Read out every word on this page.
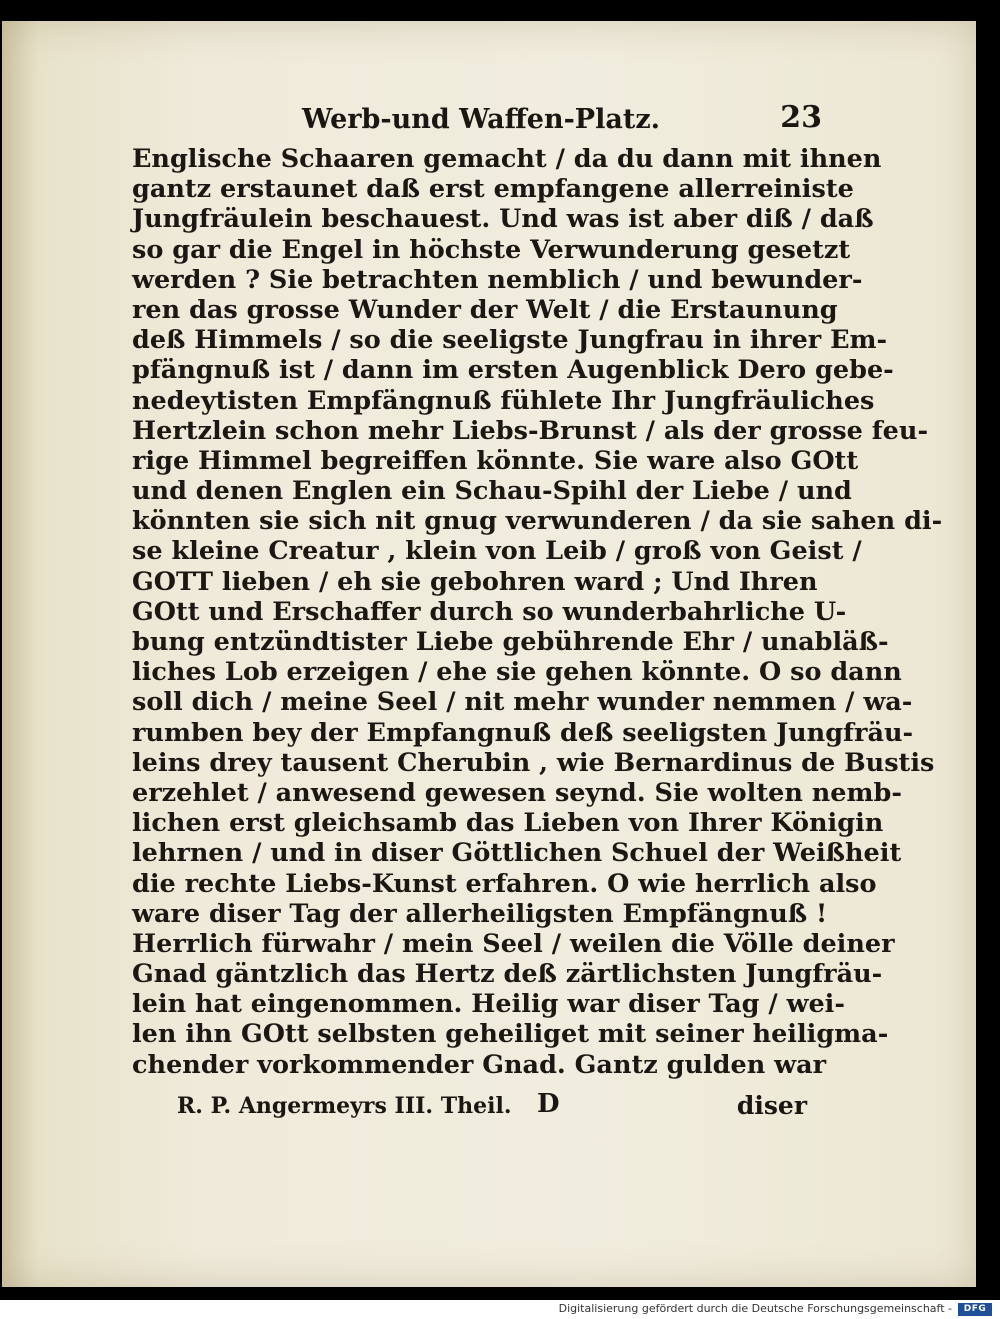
Werb-und Waffen-Platz.	23
Englische Schaaren gemacht / da du dann mit ihnen
gantz erstaunet daß erst empfangene allerreiniste
Jungfräulein beschauest. Und was ist aber diß / daß
so gar die Engel in höchste Verwunderung gesetzt
werden ? Sie betrachten nemblich / und bewunder-
ren das grosse Wunder der Welt / die Erstaunung
deß Himmels / so die seeligste Jungfrau in ihrer Em-
pfängnuß ist / dann im ersten Augenblick Dero gebe-
nedeytisten Empfängnuß fühlete Ihr Jungfräuliches
Hertzlein schon mehr Liebs-Brunst / als der grosse feu-
rige Himmel begreiffen könnte. Sie ware also GOtt
und denen Englen ein Schau-Spihl der Liebe / und
könnten sie sich nit gnug verwunderen / da sie sahen di-
se kleine Creatur , klein von Leib / groß von Geist /
GOTT lieben / eh sie gebohren ward ; Und Ihren
GOtt und Erschaffer durch so wunderbahrliche U-
bung entzündtister Liebe gebührende Ehr / unabläß-
liches Lob erzeigen / ehe sie gehen könnte. O so dann
soll dich / meine Seel / nit mehr wunder nemmen / wa-
rumben bey der Empfangnuß deß seeligsten Jungfräu-
leins drey tausent Cherubin , wie Bernardinus de Bustis
erzehlet / anwesend gewesen seynd. Sie wolten nemb-
lichen erst gleichsamb das Lieben von Ihrer Königin
lehrnen / und in diser Göttlichen Schuel der Weißheit
die rechte Liebs-Kunst erfahren. O wie herrlich also
ware diser Tag der allerheiligsten Empfängnuß !
Herrlich fürwahr / mein Seel / weilen die Völle deiner
Gnad gäntzlich das Hertz deß zärtlichsten Jungfräu-
lein hat eingenommen. Heilig war diser Tag / wei-
len ihn GOtt selbsten geheiliget mit seiner heiligma-
chender vorkommender Gnad. Gantz gulden war
R. P. Angermeyrs III. Theil. D	diser
Digitalisierung gefördert durch die Deutsche Forschungsgemeinschaft -	DFG
